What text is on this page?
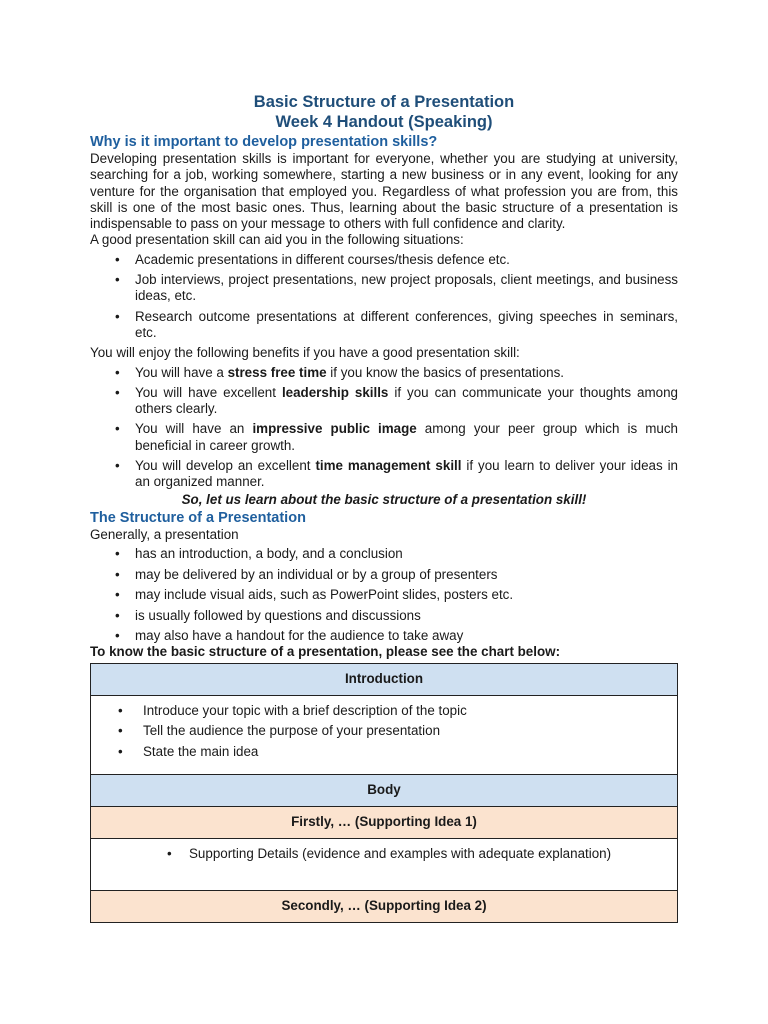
Basic Structure of a Presentation

Week 4 Handout (Speaking)

Why is it important to develop presentation skills?

Developing presentation skills is important for everyone, whether you are studying at university, searching for a job, working somewhere, starting a new business or in any event, looking for any venture for the organisation that employed you. Regardless of what profession you are from, this skill is one of the most basic ones. Thus, learning about the basic structure of a presentation is indispensable to pass on your message to others with full confidence and clarity.

A good presentation skill can aid you in the following situations:

• Academic presentations in different courses/thesis defence etc.
• Job interviews, project presentations, new project proposals, client meetings, and business ideas, etc.
• Research outcome presentations at different conferences, giving speeches in seminars, etc.

You will enjoy the following benefits if you have a good presentation skill:

• You will have a stress free time if you know the basics of presentations.
• You will have excellent leadership skills if you can communicate your thoughts among others clearly.
• You will have an impressive public image among your peer group which is much beneficial in career growth.
• You will develop an excellent time management skill if you learn to deliver your ideas in an organized manner.

So, let us learn about the basic structure of a presentation skill!

The Structure of a Presentation

Generally, a presentation

• has an introduction, a body, and a conclusion
• may be delivered by an individual or by a group of presenters
• may include visual aids, such as PowerPoint slides, posters etc.
• is usually followed by questions and discussions
• may also have a handout for the audience to take away

To know the basic structure of a presentation, please see the chart below:

Introduction

• Introduce your topic with a brief description of the topic
• Tell the audience the purpose of your presentation
• State the main idea

Body
Firstly, … (Supporting Idea 1)

• Supporting Details (evidence and examples with adequate explanation)

Secondly, … (Supporting Idea 2)
